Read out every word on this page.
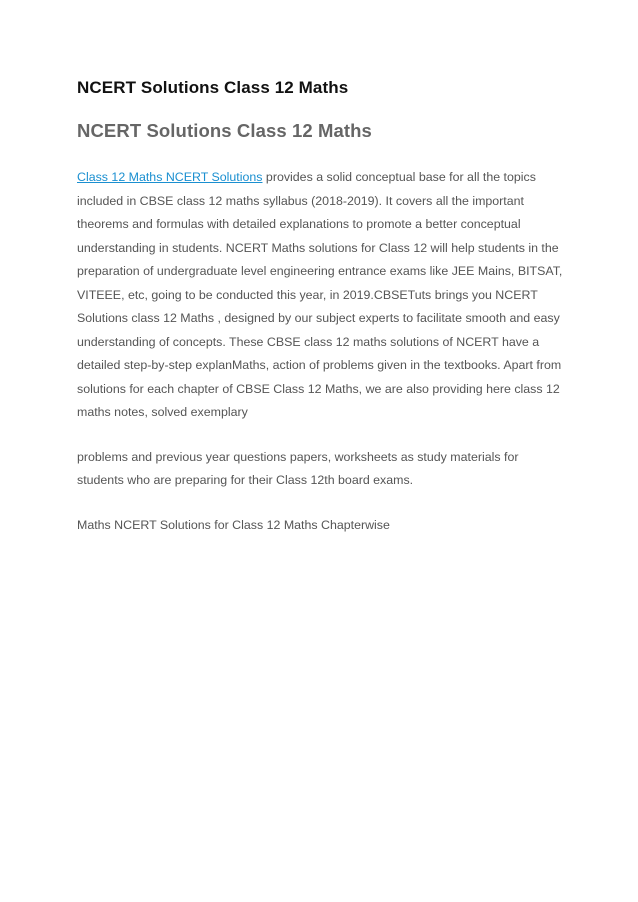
NCERT Solutions Class 12 Maths
NCERT Solutions Class 12 Maths

Class 12 Maths NCERT Solutions provides a solid conceptual base for all the topics included in CBSE class 12 maths syllabus (2018-2019). It covers all the important theorems and formulas with detailed explanations to promote a better conceptual understanding in students. NCERT Maths solutions for Class 12 will help students in the preparation of undergraduate level engineering entrance exams like JEE Mains, BITSAT, VITEEE, etc, going to be conducted this year, in 2019.CBSETuts brings you NCERT Solutions class 12 Maths , designed by our subject experts to facilitate smooth and easy understanding of concepts. These CBSE class 12 maths solutions of NCERT have a detailed step-by-step explanMaths, action of problems given in the textbooks. Apart from solutions for each chapter of CBSE Class 12 Maths, we are also providing here class 12 maths notes, solved exemplary

problems and previous year questions papers, worksheets as study materials for students who are preparing for their Class 12th board exams.

Maths NCERT Solutions for Class 12 Maths Chapterwise
